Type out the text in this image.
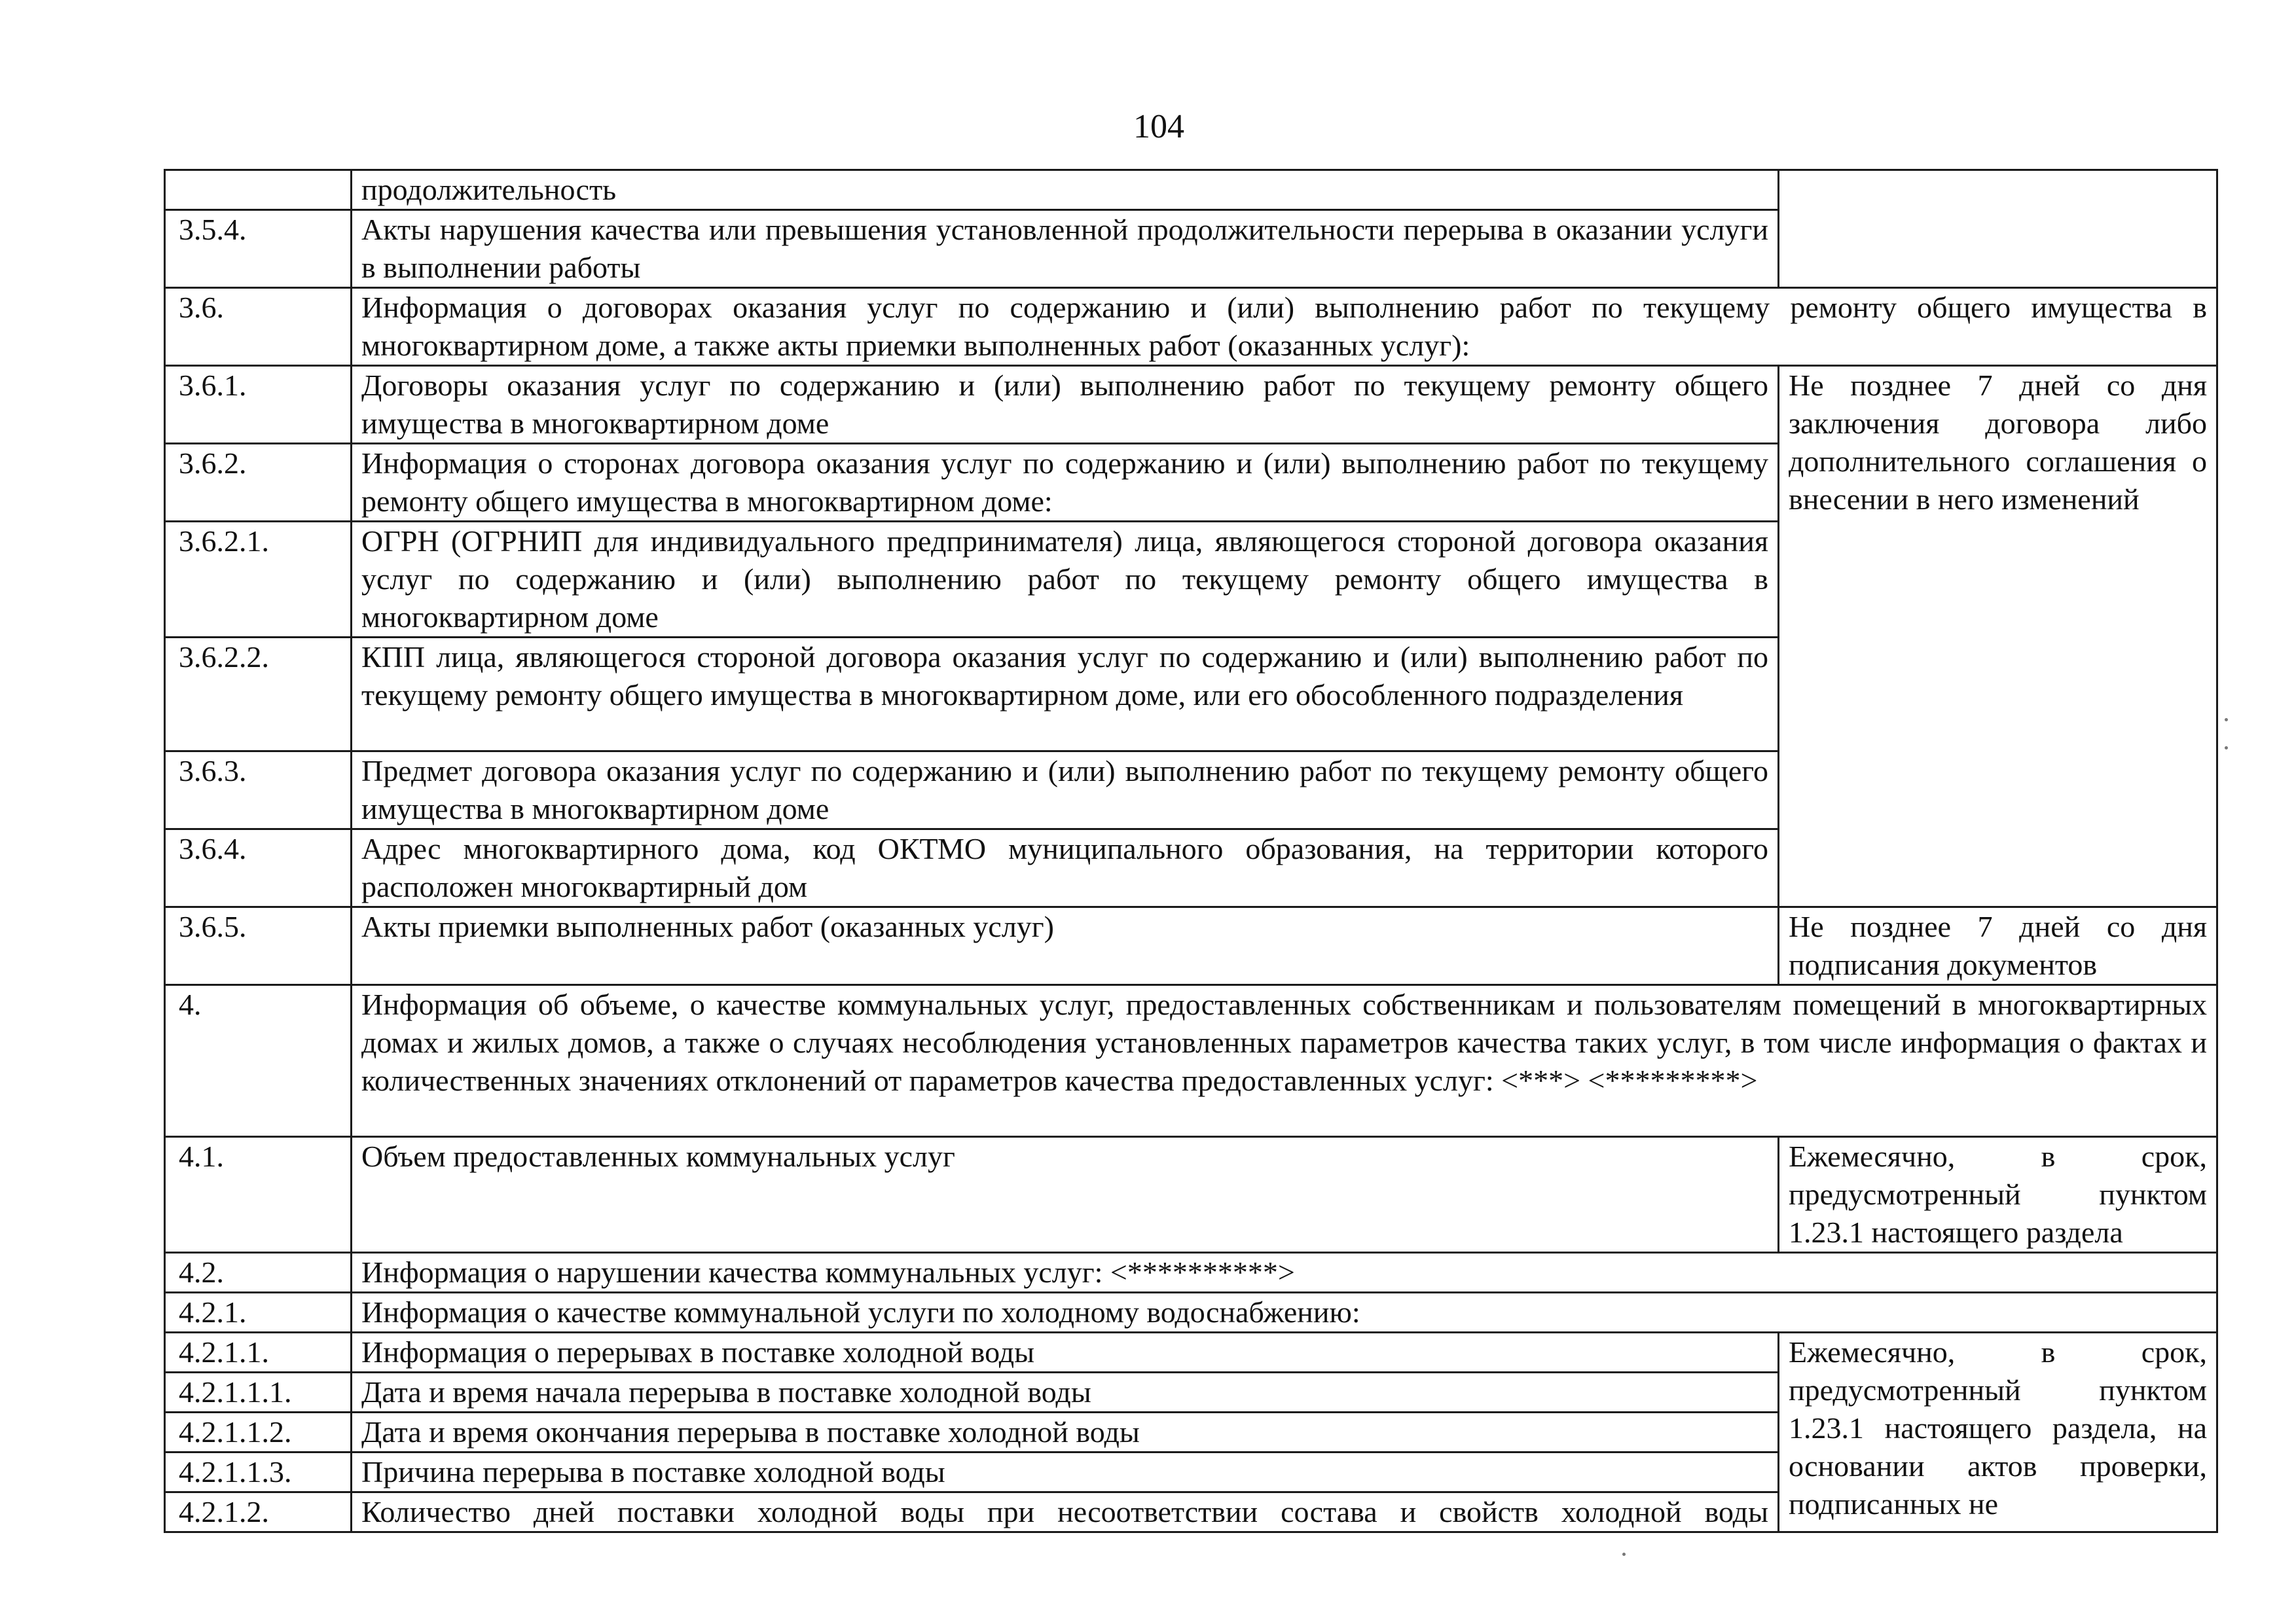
104
	продолжительность	
3.5.4.	Акты нарушения качества или превышения установленной продолжительности перерыва в оказании услуги в выполнении работы	
3.6.	Информация о договорах оказания услуг по содержанию и (или) выполнению работ по текущему ремонту общего имущества в многоквартирном доме, а также акты приемки выполненных работ (оказанных услуг):	
3.6.1.	Договоры оказания услуг по содержанию и (или) выполнению работ по текущему ремонту общего имущества в многоквартирном доме	Не позднее 7 дней со дня заключения договора либо дополнительного соглашения о внесении в него изменений
3.6.2.	Информация о сторонах договора оказания услуг по содержанию и (или) выполнению работ по текущему ремонту общего имущества в многоквартирном доме:	
3.6.2.1.	ОГРН (ОГРНИП для индивидуального предпринимателя) лица, являющегося стороной договора оказания услуг по содержанию и (или) выполнению работ по текущему ремонту общего имущества в многоквартирном доме	
3.6.2.2.	КПП лица, являющегося стороной договора оказания услуг по содержанию и (или) выполнению работ по текущему ремонту общего имущества в многоквартирном доме, или его обособленного подразделения	
3.6.3.	Предмет договора оказания услуг по содержанию и (или) выполнению работ по текущему ремонту общего имущества в многоквартирном доме	
3.6.4.	Адрес многоквартирного дома, код ОКТМО муниципального образования, на территории которого расположен многоквартирный дом	
3.6.5.	Акты приемки выполненных работ (оказанных услуг)	Не позднее 7 дней со дня подписания документов
4.	Информация об объеме, о качестве коммунальных услуг, предоставленных собственникам и пользователям помещений в многоквартирных домах и жилых домов, а также о случаях несоблюдения установленных параметров качества таких услуг, в том числе информация о фактах и количественных значениях отклонений от параметров качества предоставленных услуг: <***> <*********>	
4.1.	Объем предоставленных коммунальных услуг	Ежемесячно, в срок, предусмотренный пунктом 1.23.1 настоящего раздела
4.2.	Информация о нарушении качества коммунальных услуг: <**********>	
4.2.1.	Информация о качестве коммунальной услуги по холодному водоснабжению:	
4.2.1.1.	Информация о перерывах в поставке холодной воды	Ежемесячно, в срок, предусмотренный пунктом 1.23.1 настоящего раздела, на основании актов проверки, подписанных не
4.2.1.1.1.	Дата и время начала перерыва в поставке холодной воды	
4.2.1.1.2.	Дата и время окончания перерыва в поставке холодной воды	
4.2.1.1.3.	Причина перерыва в поставке холодной воды	
4.2.1.2.	Количество дней поставки холодной воды при несоответствии состава и свойств холодной воды	
